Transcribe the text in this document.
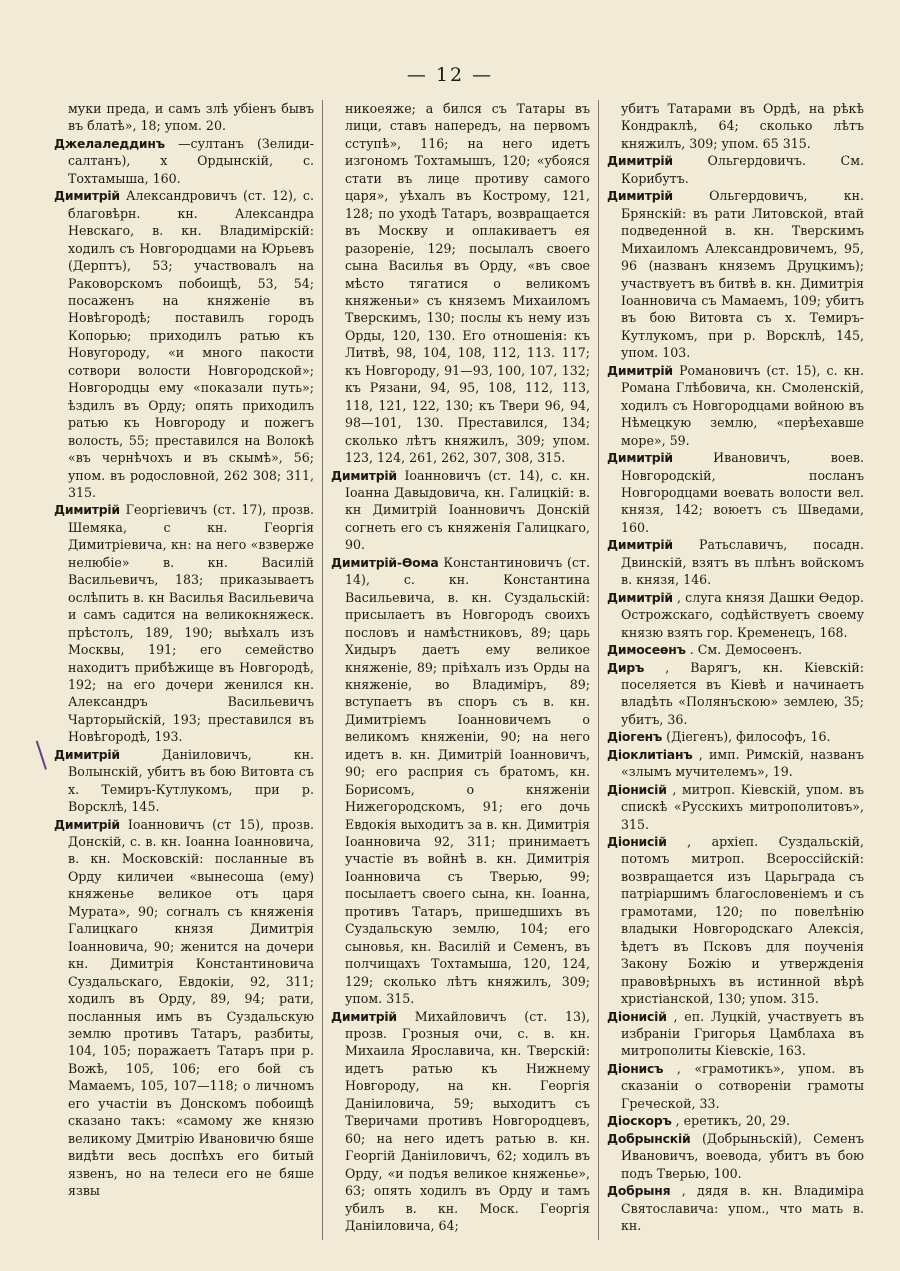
— 12 —

муки преда, и самъ злѣ убіенъ бывъ въ блатѣ», 18; упом. 20.

Джелаледдинъ —султанъ (Зелиди-салтанъ), х Ордынскій, с. Тохтамыша, 160.

Димитрій Александровичъ (ст. 12), с. благовѣрн. кн. Александра Невскаго, в. кн. Владимірскій: ходилъ съ Новгородцами на Юрьевъ (Дерптъ), 53; участвовалъ на Раковорскомъ побоищѣ, 53, 54; посаженъ на княженіе въ Новѣгородѣ; поставилъ городъ Копорью; приходилъ ратью къ Новугороду, «и много пакости сотвори волости Новгородской»; Новгородцы ему «показали путь»; ѣздилъ въ Орду; опять приходилъ ратью къ Новгороду и пожегъ волость, 55; преставился на Волокѣ «въ чернѣчохъ и въ скымѣ», 56; упом. въ родословной, 262 308; 311, 315.

Димитрій Георгіевичъ (ст. 17), прозв. Шемяка, с кн. Георгія Димитріевича, кн: на него «взверже нелюбіе» в. кн. Василій Васильевичъ, 183; приказываетъ ослѣпить в. кн Василья Васильевича и самъ садится на великокняжеск. прѣстолъ, 189, 190; выѣхалъ изъ Москвы, 191; его семейство находитъ прибѣжище въ Новгородѣ, 192; на его дочери женился кн. Александръ Васильевичъ Чарторыйскій, 193; преставился въ Новѣгородѣ, 193.

Димитрій	Даніиловичъ, кн. Волынскій, убитъ въ бою Витовта съ х. Темиръ-Кутлукомъ, при р. Ворсклѣ, 145.

Димитрій Іоанновичъ (ст 15), прозв. Донскій, с. в. кн. Іоанна Іоанновича, в. кн. Московскій: посланные въ Орду киличеи «вынесоша (ему) княженье великое отъ царя Мурата», 90; согналъ съ княженія Галицкаго князя Димитрія Іоанновича, 90; женится на дочери кн. Димитрія Константиновича Суздальскаго, Евдокіи, 92, 311; ходилъ въ Орду, 89, 94; рати, посланныя имъ въ Суздальскую землю противъ Татаръ, разбиты, 104, 105; поражаетъ Татаръ при р. Вожѣ, 105, 106; его бой съ Мамаемъ, 105, 107—118; о личномъ его участіи въ Донскомъ побоищѣ сказано такъ: «самому же князю великому Дмитрію Ивановичю бяше видѣти весь доспѣхъ его битый язвенъ, но на телеси его не бяше язвы

никоеяже; а бился съ Татары въ лици, ставъ напередъ, на первомъ сступѣ», 116; на него идетъ изгономъ Тохтамышъ, 120; «убояся стати въ лице противу самого царя», уѣхалъ въ Кострому, 121, 128; по уходѣ Татаръ, возвращается въ Москву и оплакиваетъ ея разореніе, 129; посылалъ своего сына Василья въ Орду, «въ свое мѣсто тягатися о великомъ княженьи» съ княземъ Михаиломъ Тверскимъ, 130; послы къ нему изъ Орды, 120, 130. Его отношенія: къ Литвѣ, 98, 104, 108, 112, 113. 117; къ Новгороду, 91—93, 100, 107, 132; къ Рязани, 94, 95, 108, 112, 113, 118, 121, 122, 130; къ Твери 96, 94, 98—101, 130. Преставился, 134; сколько лѣтъ княжилъ, 309; упом. 123, 124, 261, 262, 307, 308, 315.

Димитрій Іоанновичъ (ст. 14), с. кн. Іоанна Давыдовича, кн. Галицкій: в. кн Димитрій Іоанновичъ Донскій согнеть его съ княженія Галицкаго, 90.

Димитрій-Ѳома Константиновичъ (ст. 14), с. кн. Константина Васильевича, в. кн. Суздальскій: присылаетъ въ Новгородъ своихъ пословъ и намѣстниковъ, 89; царь Хидыръ даетъ ему великое княженіе, 89; пріѣхалъ изъ Орды на княженіе, во Владиміръ, 89; вступаетъ въ споръ съ в. кн. Димитріемъ Іоанновичемъ о великомъ княженіи, 90; на него идетъ в. кн. Димитрій Іоанновичъ, 90; его расприя съ братомъ, кн. Борисомъ, о княженіи Нижегородскомъ, 91; его дочь Евдокія выходитъ за в. кн. Димитрія Іоанновича 92, 311; принимаетъ участіе въ войнѣ в. кн. Димитрія Іоанновича съ Тверью, 99; посылаетъ своего сына, кн. Іоанна, противъ Татаръ, пришедшихъ въ Суздальскую землю, 104; его сыновья, кн. Василій и Семенъ, въ полчищахъ Тохтамыша, 120, 124, 129; сколько лѣтъ княжилъ, 309; упом. 315.

Димитрій Михайловичъ (ст. 13), прозв. Грозныя очи, с. в. кн. Михаила Ярославича, кн. Тверскій: идетъ ратью къ Нижнему Новгороду, на кн. Георгія Даніиловича, 59; выходитъ съ Тверичами противъ Новгородцевъ, 60; на него идетъ ратью в. кн. Георгій Даніиловичъ, 62; ходилъ въ Орду, «и подъя великое княженье», 63; опять ходилъ въ Орду и тамъ убилъ в. кн. Моск. Георгія Даніиловича, 64;

убитъ Татарами въ Ордѣ, на рѣкѣ Кондраклѣ, 64; сколько лѣтъ княжилъ, 309; упом. 65 315.

Димитрій	Ольгердовичъ. См. Корибутъ.

Димитрій	Ольгердовичъ, кн. Брянскій: въ рати Литовской, втай подведенной в. кн. Тверскимъ Михаиломъ Александровичемъ, 95, 96 (названъ княземъ Друцкимъ); участвуетъ въ битвѣ в. кн. Димитрія Іоанновича съ Мамаемъ, 109; убитъ въ бою Витовта съ х. Темиръ-Кутлукомъ, при р. Ворсклѣ, 145, упом. 103.

Димитрій Романовичъ (ст. 15), с. кн. Романа Глѣбовича, кн. Смоленскій, ходилъ съ Новгородцами войною въ Нѣмецкую землю, «перѣехавше море», 59.

Димитрій	Ивановичъ, воев. Новгородскій, посланъ Новгородцами воевать волости вел. князя, 142; воюетъ съ Шведами, 160.

Димитрій Ратьславичъ, посадн. Двинскій, взятъ въ плѣнъ войскомъ в. князя, 146.

Димитрій , слуга князя Дашки Ѳедор. Острожскаго, содѣйствуетъ своему князю взять гор. Кременецъ, 168.

Димосеѳнъ . См. Демосѳенъ.

Диръ , Варягъ, кн. Кіевскій: поселяется въ Кіевѣ и начинаетъ владѣть «Полянъскою» землею, 35; убитъ, 36.

Діогенъ (Діегенъ), философъ, 16.

Діоклитіанъ , имп. Римскій, названъ «злымъ мучителемъ», 19.

Діонисій , митроп. Кіевскій, упом. въ спискѣ «Русскихъ митрополитовъ», 315.

Діонисій , архіеп. Суздальскій, потомъ митроп. Всероссійскій: возвращается изъ Царьграда съ патріаршимъ благословеніемъ и съ грамотами, 120; по повелѣнію владыки Новгородскаго Алексія, ѣдетъ въ Псковъ для поученія Закону Божію и утвержденія правовѣрныхъ въ истинной вѣрѣ христіанской, 130; упом. 315.

Діонисій , еп. Луцкій, участвуетъ въ избраніи Григорья Цамблаха въ митрополиты Кіевскіе, 163.

Діонисъ , «грамотикъ», упом. въ сказаніи о сотвореніи грамоты Греческой, 33.

Діоскоръ , еретикъ, 20, 29.

Добрынскій (Добрыньскій), Семенъ Ивановичъ, воевода, убитъ въ бою подъ Тверью, 100.

Добрыня , дядя в. кн. Владиміра Святославича: упом., что мать в. кн.
